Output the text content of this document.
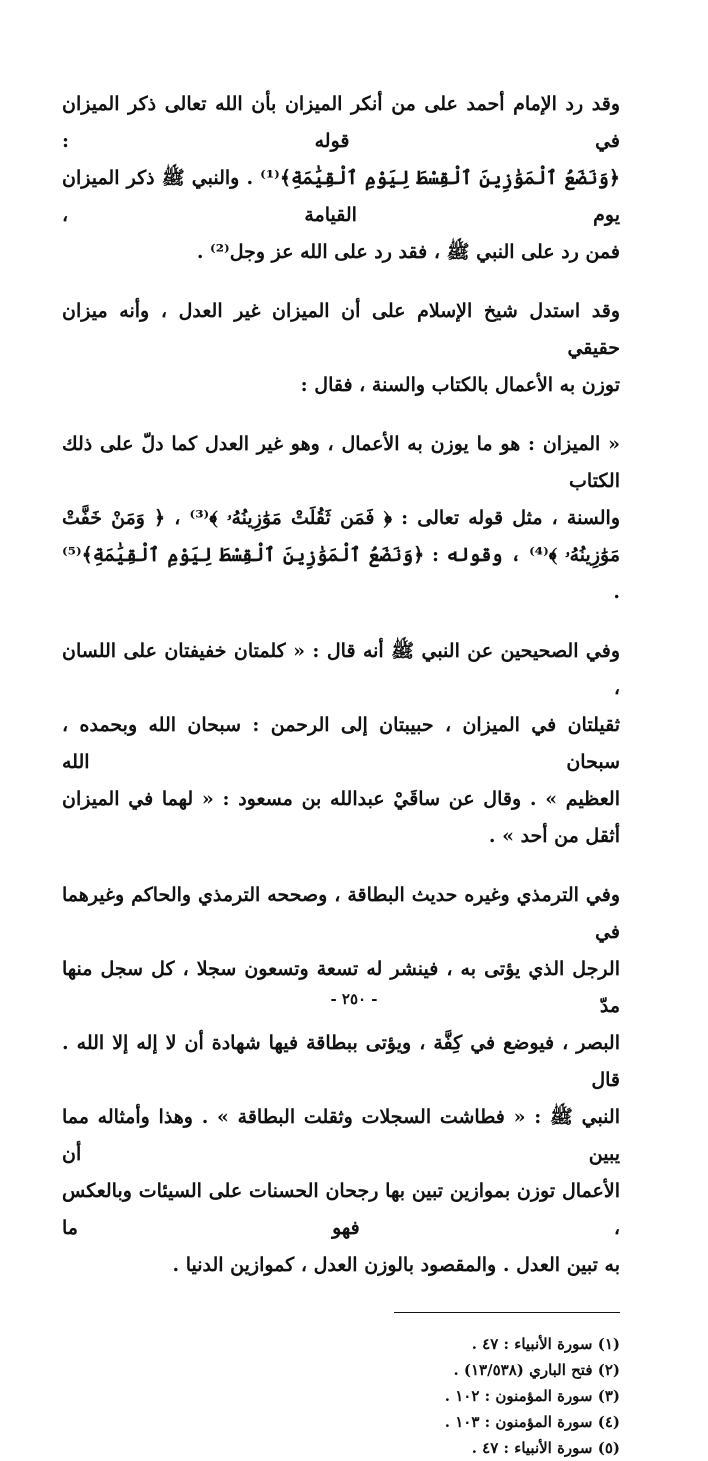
وقد رد الإمام أحمد على من أنكر الميزان بأن الله تعالى ذكر الميزان في قوله :
﴿وَنَضَعُ ٱلْمَوَٰزِينَ ٱلْقِسْطَ لِيَوْمِ ٱلْقِيَٰمَةِ﴾⁽¹⁾ . والنبي ﷺ ذكر الميزان يوم القيامة ،
فمن رد على النبي ﷺ ، فقد رد على الله عز وجل⁽²⁾ .
وقد استدل شيخ الإسلام على أن الميزان غير العدل ، وأنه ميزان حقيقي
توزن به الأعمال بالكتاب والسنة ، فقال :
« الميزان : هو ما يوزن به الأعمال ، وهو غير العدل كما دلّ على ذلك الكتاب
والسنة ، مثل قوله تعالى : ﴿ فَمَن ثَقُلَتْ مَوَٰزِينُهُۥ ﴾⁽³⁾ ، ﴿ وَمَنْ خَفَّتْ
مَوَٰزِينُهُۥ ﴾⁽⁴⁾ ، وقوله : ﴿وَنَضَعُ ٱلْمَوَٰزِينَ ٱلْقِسْطَ لِيَوْمِ ٱلْقِيَٰمَةِ﴾⁽⁵⁾ .
وفي الصحيحين عن النبي ﷺ أنه قال : « كلمتان خفيفتان على اللسان ،
ثقيلتان في الميزان ، حبيبتان إلى الرحمن : سبحان الله وبحمده ، سبحان الله
العظيم » . وقال عن ساقَيْ عبدالله بن مسعود : « لهما في الميزان أثقل من أحد » .
وفي الترمذي وغيره حديث البطاقة ، وصححه الترمذي والحاكم وغيرهما في
الرجل الذي يؤتى به ، فينشر له تسعة وتسعون سجلا ، كل سجل منها مدّ
البصر ، فيوضع في كِفَّة ، ويؤتى ببطاقة فيها شهادة أن لا إله إلا الله . قال
النبي ﷺ : « فطاشت السجلات وثقلت البطاقة » . وهذا وأمثاله مما يبين أن
الأعمال توزن بموازين تبين بها رجحان الحسنات على السيئات وبالعكس ، فهو ما
به تبين العدل . والمقصود بالوزن العدل ، كموازين الدنيا .
(١) سورة الأنبياء : ٤٧ .
(٢) فتح الباري (١٣/٥٣٨) .
(٣) سورة المؤمنون : ١٠٢ .
(٤) سورة المؤمنون : ١٠٣ .
(٥) سورة الأنبياء : ٤٧ .
- ٢٥٠ -
